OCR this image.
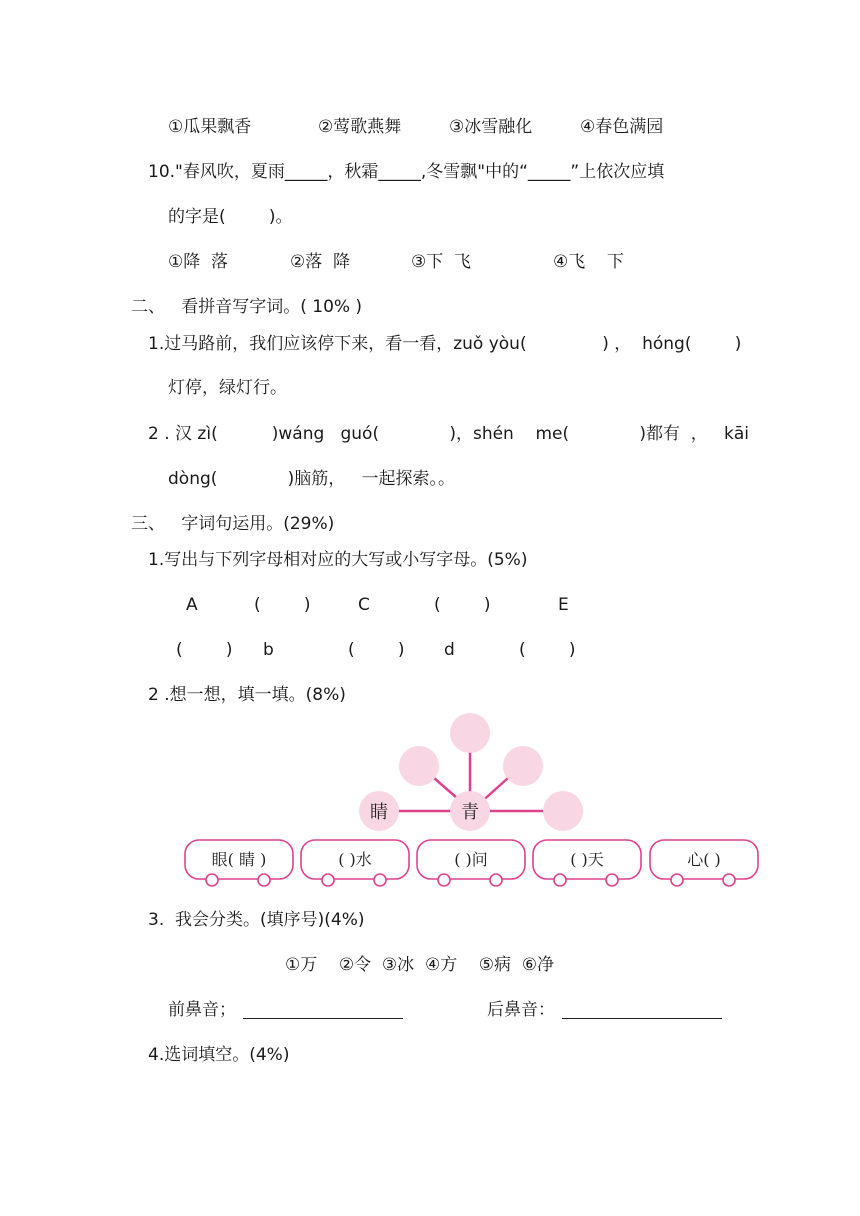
①瓜果飘香	②莺歌燕舞	③冰雪融化	④春色满园
10."春风吹，夏雨_____，秋霜_____,冬雪飘"中的“_____”上依次应填
的字是(        )。
①降  落	②落  降	③下  飞	④飞    下
二、   看拼音写字词。( 10% )
1.过马路前，我们应该停下来，看一看，zuǒ yòu(              ) ，  hóng(        )
灯停，绿灯行。
2 . 汉 zì(          )wáng   guó(             )，shén    me(             )都有  ，   kāi
dòng(             )脑筋，   一起探索。。
三、   字词句运用。(29%)
1.写出与下列字母相对应的大写或小写字母。(5%)
A	(        )	C	(        )	E
(        ) b	(        ) d	(        )
2 .想一想，填一填。(8%)
睛	青
眼( 睛 )	( )水	( )问	( )天	心( )
3.  我会分类。(填序号)(4%)
①万    ②令  ③冰  ④方    ⑤病  ⑥净
前鼻音；	后鼻音：
4.选词填空。(4%)
